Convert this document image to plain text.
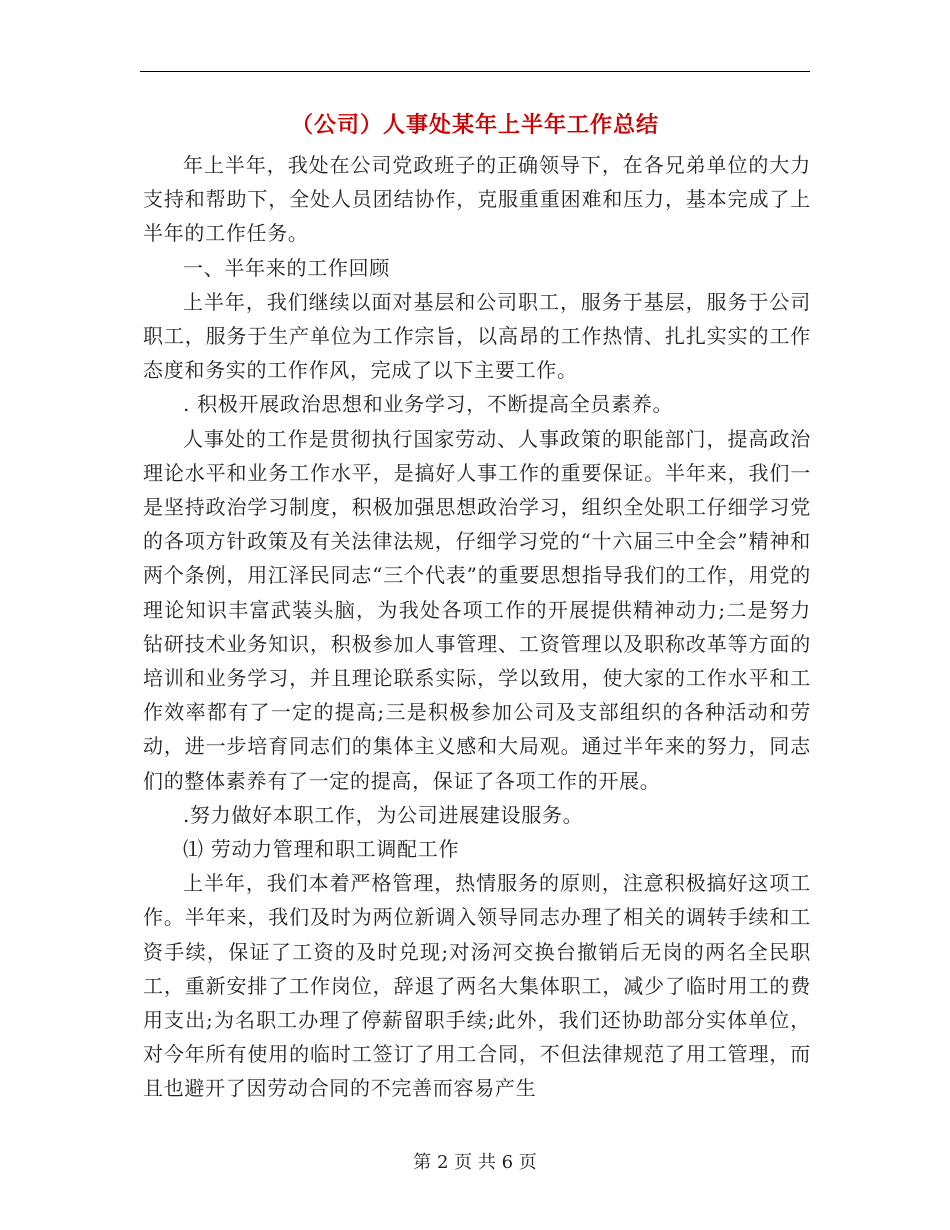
（公司）人事处某年上半年工作总结

年上半年，我处在公司党政班子的正确领导下，在各兄弟单位的大力支持和帮助下，全处人员团结协作，克服重重困难和压力，基本完成了上半年的工作任务。

一、半年来的工作回顾

上半年，我们继续以面对基层和公司职工，服务于基层，服务于公司职工，服务于生产单位为工作宗旨，以高昂的工作热情、扎扎实实的工作态度和务实的工作作风，完成了以下主要工作。

. 积极开展政治思想和业务学习，不断提高全员素养。

人事处的工作是贯彻执行国家劳动、人事政策的职能部门，提高政治理论水平和业务工作水平，是搞好人事工作的重要保证。半年来，我们一是坚持政治学习制度，积极加强思想政治学习，组织全处职工仔细学习党的各项方针政策及有关法律法规，仔细学习党的“十六届三中全会”精神和两个条例，用江泽民同志“三个代表”的重要思想指导我们的工作，用党的理论知识丰富武装头脑，为我处各项工作的开展提供精神动力;二是努力钻研技术业务知识，积极参加人事管理、工资管理以及职称改革等方面的培训和业务学习，并且理论联系实际，学以致用，使大家的工作水平和工作效率都有了一定的提高;三是积极参加公司及支部组织的各种活动和劳动，进一步培育同志们的集体主义感和大局观。通过半年来的努力，同志们的整体素养有了一定的提高，保证了各项工作的开展。

.努力做好本职工作，为公司进展建设服务。

⑴ 劳动力管理和职工调配工作

上半年，我们本着严格管理，热情服务的原则，注意积极搞好这项工作。半年来，我们及时为两位新调入领导同志办理了相关的调转手续和工资手续，保证了工资的及时兑现;对汤河交换台撤销后无岗的两名全民职工，重新安排了工作岗位，辞退了两名大集体职工，减少了临时用工的费用支出;为名职工办理了停薪留职手续;此外，我们还协助部分实体单位，对今年所有使用的临时工签订了用工合同，不但法律规范了用工管理，而且也避开了因劳动合同的不完善而容易产生

第 2 页 共 6 页
